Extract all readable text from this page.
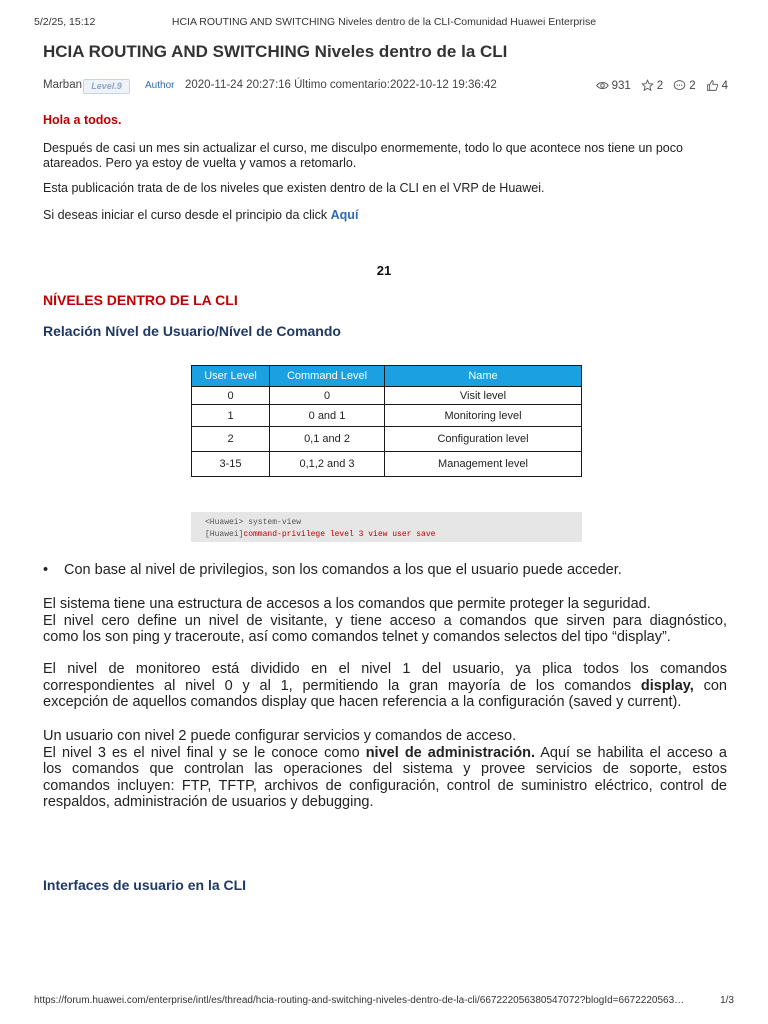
5/2/25, 15:12	HCIA ROUTING AND SWITCHING Niveles dentro de la CLI-Comunidad Huawei Enterprise
HCIA ROUTING AND SWITCHING Niveles dentro de la CLI
Marban	Level.9	Author 2020-11-24 20:27:16 Último comentario:2022-10-12 19:36:42	931 2 2 4

Hola a todos.

Después de casi un mes sin actualizar el curso, me disculpo enormemente, todo lo que acontece nos tiene un poco atareados. Pero ya estoy de vuelta y vamos a retomarlo.

Esta publicación trata de de los niveles que existen dentro de la CLI en el VRP de Huawei.

Si deseas iniciar el curso desde el principio da click Aquí

21
NÍVELES DENTRO DE LA CLI
Relación Nível de Usuario/Nível de Comando
User Level	Command Level	Name
0	0	Visit level
1	0 and 1	Monitoring level
2	0,1 and 2	Configuration level
3-15	0,1,2 and 3	Management level
<Huawei> system-view
[Huawei]command-privilege level 3 view user save
• Con base al nivel de privilegios, son los comandos a los que el usuario puede acceder.
El sistema tiene una estructura de accesos a los comandos que permite proteger la seguridad.
El nivel cero define un nivel de visitante, y tiene acceso a comandos que sirven para diagnóstico,
como los son ping y traceroute, así como comandos telnet y comandos selectos del tipo “display”.
El nivel de monitoreo está dividido en el nivel 1 del usuario, ya plica todos los comandos
correspondientes al nivel 0 y al 1, permitiendo la gran mayoría de los comandos display, con
excepción de aquellos comandos display que hacen referencia a la configuración (saved y current).
Un usuario con nivel 2 puede configurar servicios y comandos de acceso.
El nivel 3 es el nivel final y se le conoce como nivel de administración. Aquí se habilita el acceso a
los comandos que controlan las operaciones del sistema y provee servicios de soporte, estos
comandos incluyen: FTP, TFTP, archivos de configuración, control de suministro eléctrico, control de
respaldos, administración de usuarios y debugging.
Interfaces de usuario en la CLI
https://forum.huawei.com/enterprise/intl/es/thread/hcia-routing-and-switching-niveles-dentro-de-la-cli/667222056380547072?blogId=6672220563…	1/3
